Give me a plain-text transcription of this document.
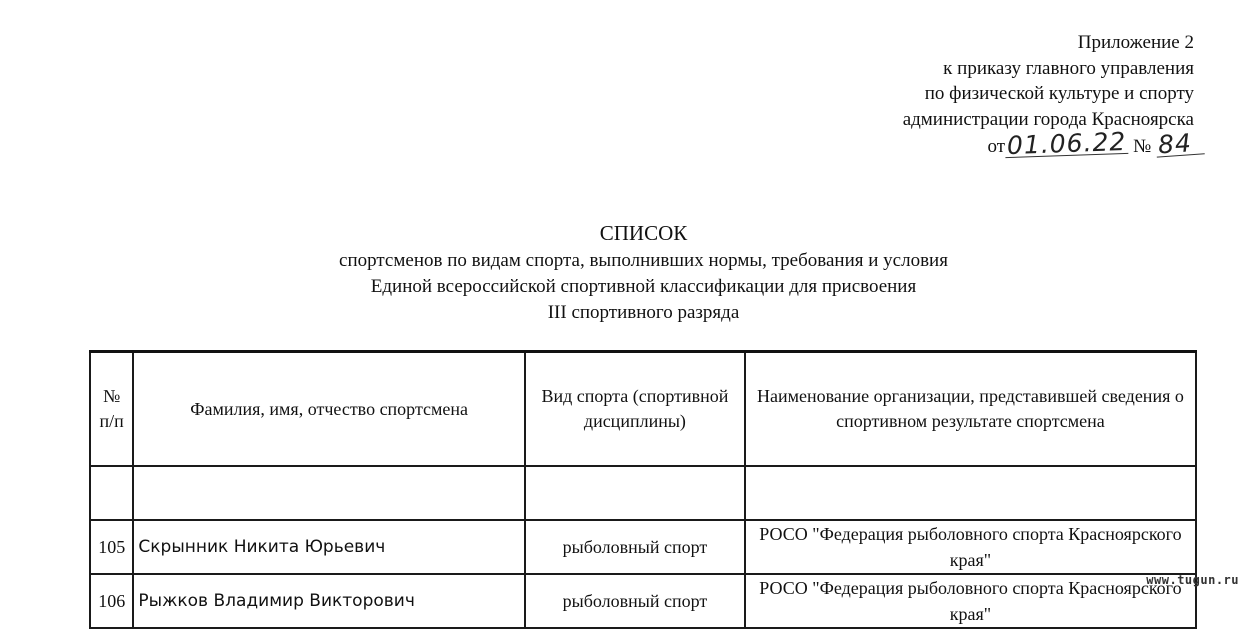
Приложение 2
к приказу главного управления
по физической культуре и спорту
администрации города Красноярска
от01.06.22 № 84
СПИСОК
спортсменов по видам спорта, выполнивших нормы, требования и условия
Единой всероссийской спортивной классификации для присвоения
III спортивного разряда
№ п/п	Фамилия, имя, отчество спортсмена	Вид спорта (спортивной дисциплины)	Наименование организации, представившей сведения о спортивном результате спортсмена

105	Скрынник Никита Юрьевич	рыболовный спорт	РОСО "Федерация рыболовного спорта Красноярского края"
106	Рыжков Владимир Викторович	рыболовный спорт	РОСО "Федерация рыболовного спорта Красноярского края"
www.tugun.ru
